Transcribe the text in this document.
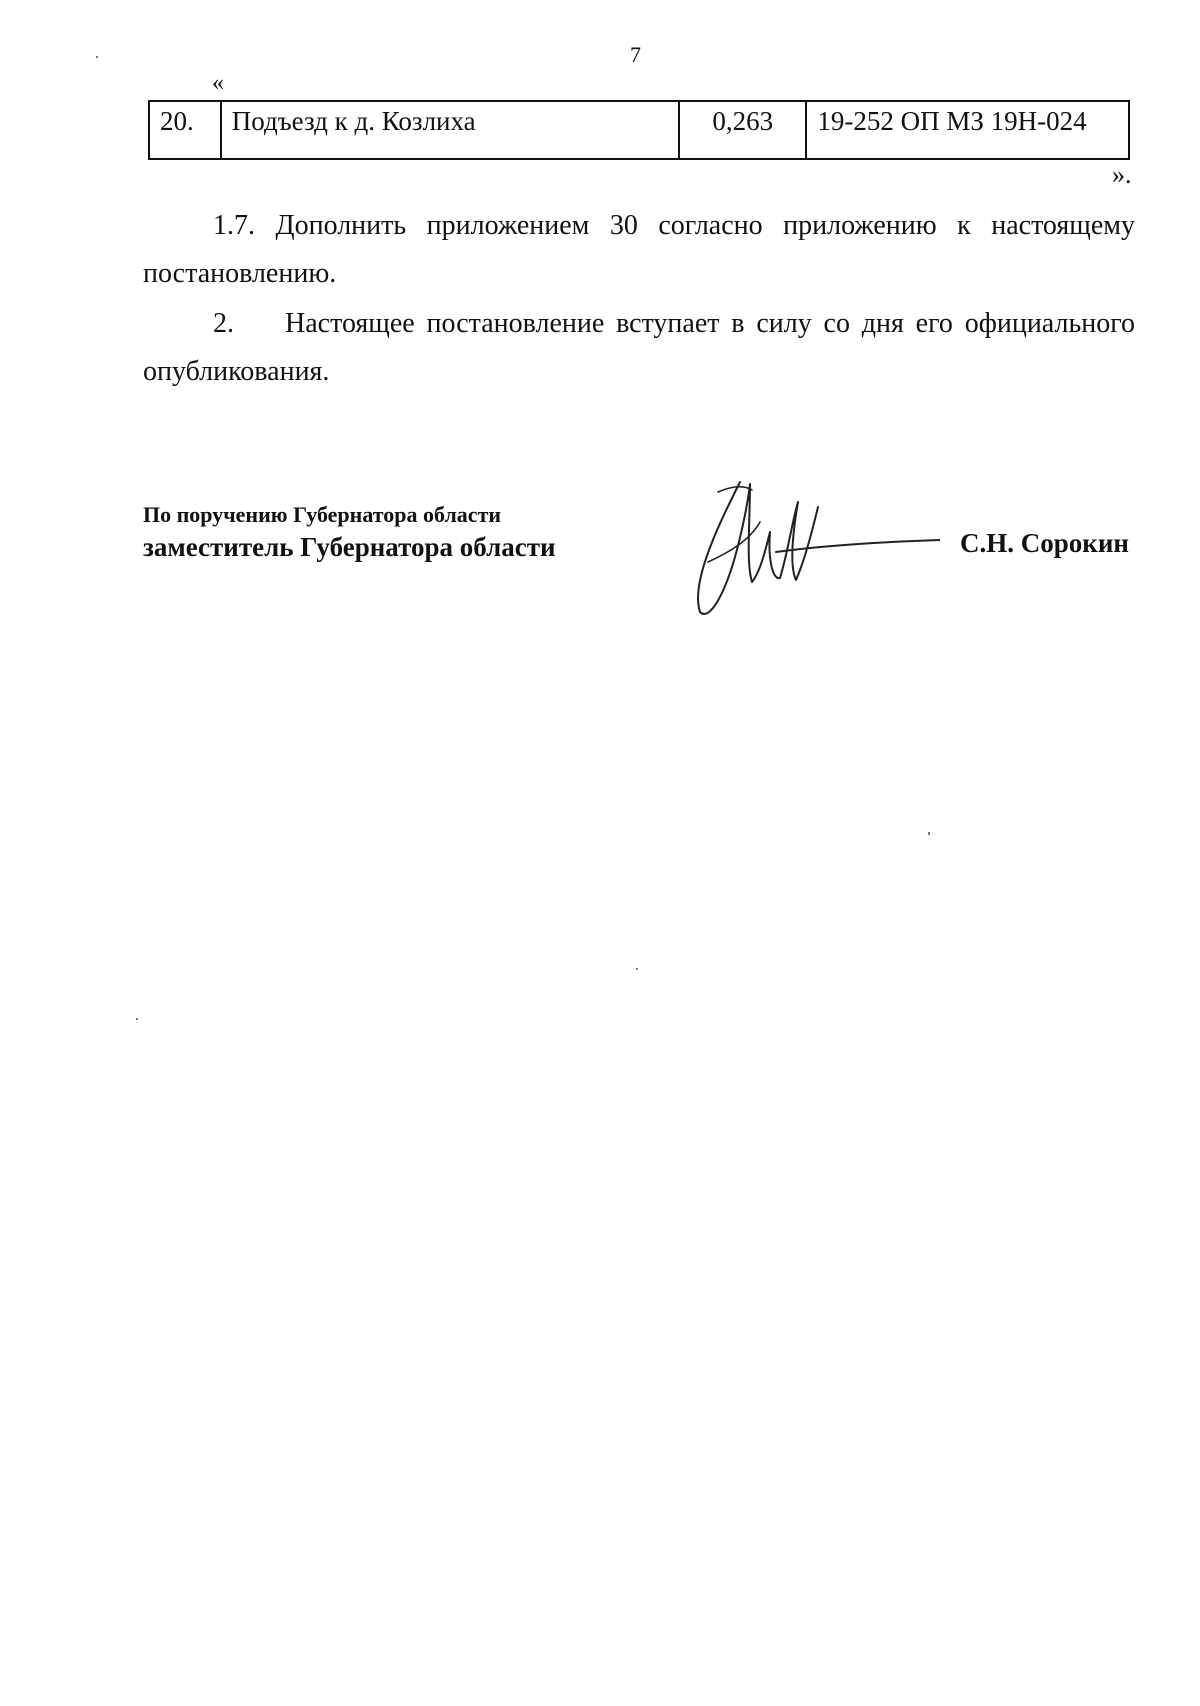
7
«
20.	Подъезд к д. Козлиха	0,263	19-252 ОП МЗ 19Н-024
».

1.7. Дополнить приложением 30 согласно приложению к настоящему постановлению.

2. Настоящее постановление вступает в силу со дня его официального
опубликования.
По поручению Губернатора области
заместитель Губернатора области	С.Н. Сорокин
